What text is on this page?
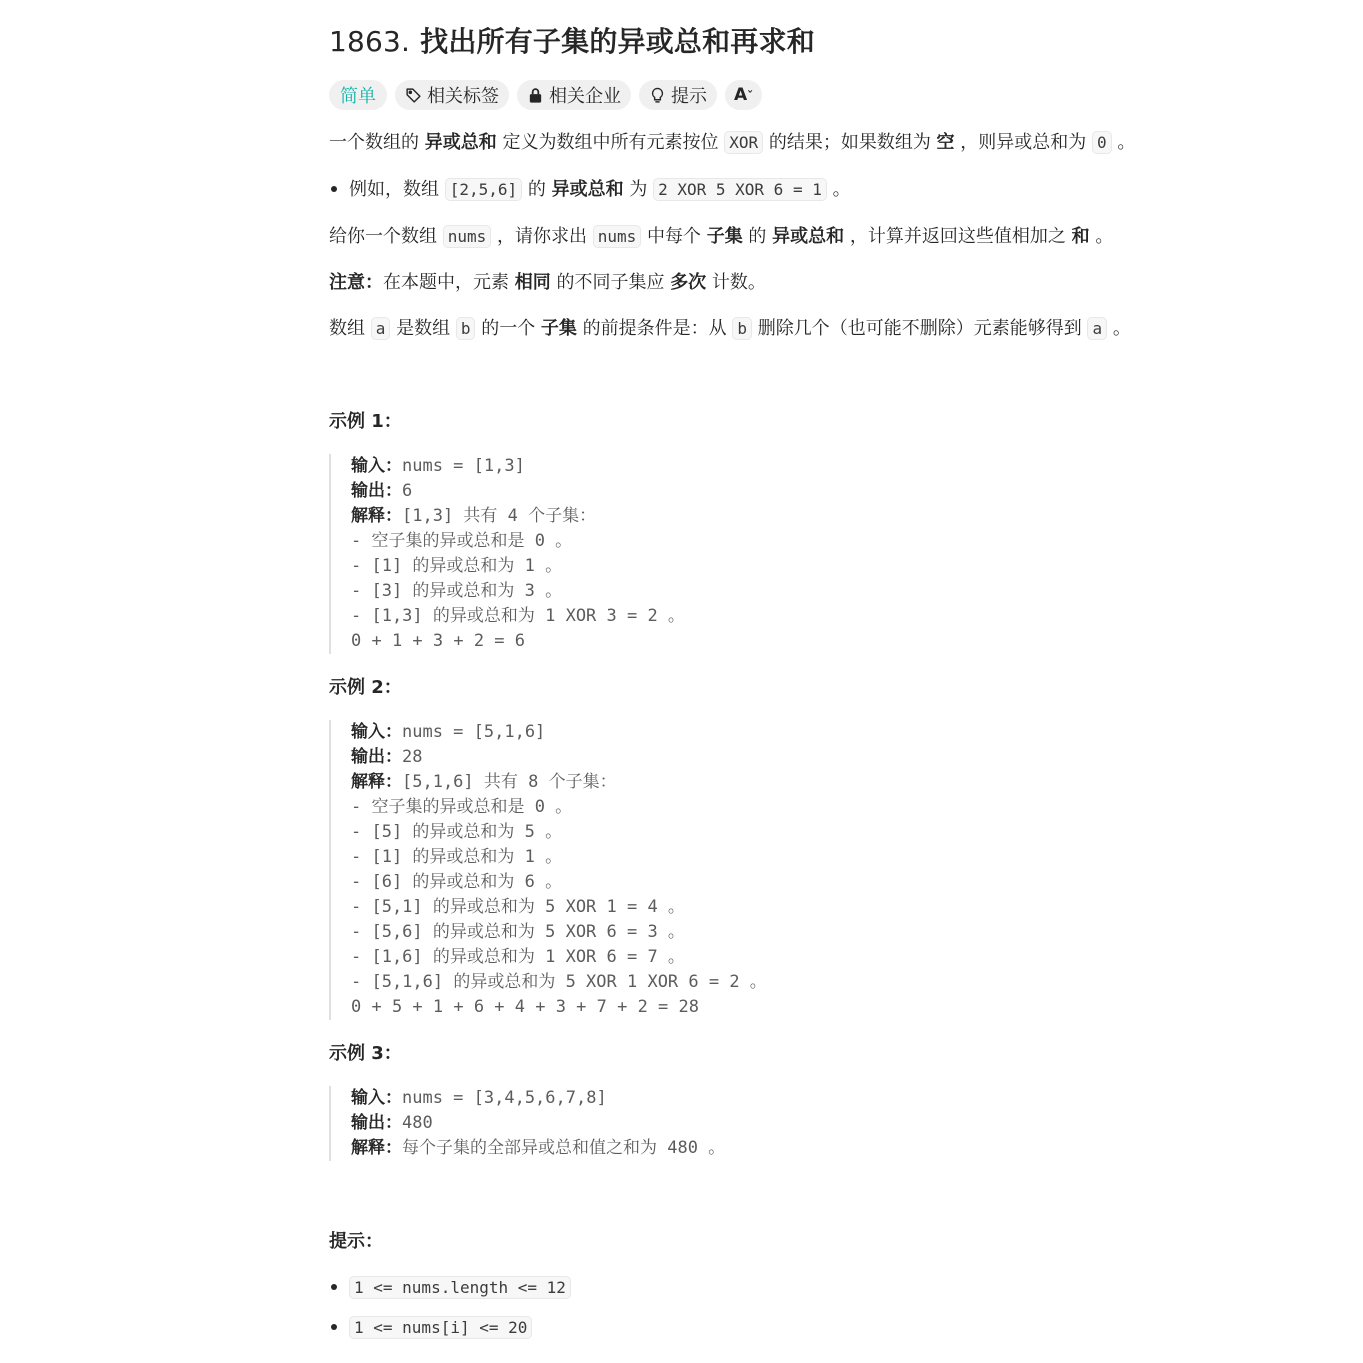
1863. 找出所有子集的异或总和再求和
简单	相关标签	相关企业	提示 Aˇ

一个数组的 异或总和 定义为数组中所有元素按位 XOR 的结果；如果数组为 空 ，则异或总和为 0 。

例如，数组 [2,5,6] 的 异或总和 为 2 XOR 5 XOR 6 = 1 。

给你一个数组 nums ，请你求出 nums 中每个 子集 的 异或总和 ，计算并返回这些值相加之 和 。

注意：在本题中，元素 相同 的不同子集应 多次 计数。

数组 a 是数组 b 的一个 子集 的前提条件是：从 b 删除几个（也可能不删除）元素能够得到 a 。

示例 1：
输入：nums = [1,3]
输出：6
解释：[1,3] 共有 4 个子集：
- 空子集的异或总和是 0 。
- [1] 的异或总和为 1 。
- [3] 的异或总和为 3 。
- [1,3] 的异或总和为 1 XOR 3 = 2 。
0 + 1 + 3 + 2 = 6
示例 2：
输入：nums = [5,1,6]
输出：28
解释：[5,1,6] 共有 8 个子集：
- 空子集的异或总和是 0 。
- [5] 的异或总和为 5 。
- [1] 的异或总和为 1 。
- [6] 的异或总和为 6 。
- [5,1] 的异或总和为 5 XOR 1 = 4 。
- [5,6] 的异或总和为 5 XOR 6 = 3 。
- [1,6] 的异或总和为 1 XOR 6 = 7 。
- [5,1,6] 的异或总和为 5 XOR 1 XOR 6 = 2 。
0 + 5 + 1 + 6 + 4 + 3 + 7 + 2 = 28
示例 3：
输入：nums = [3,4,5,6,7,8]
输出：480
解释：每个子集的全部异或总和值之和为 480 。
提示：
1 <= nums.length <= 12
1 <= nums[i] <= 20
